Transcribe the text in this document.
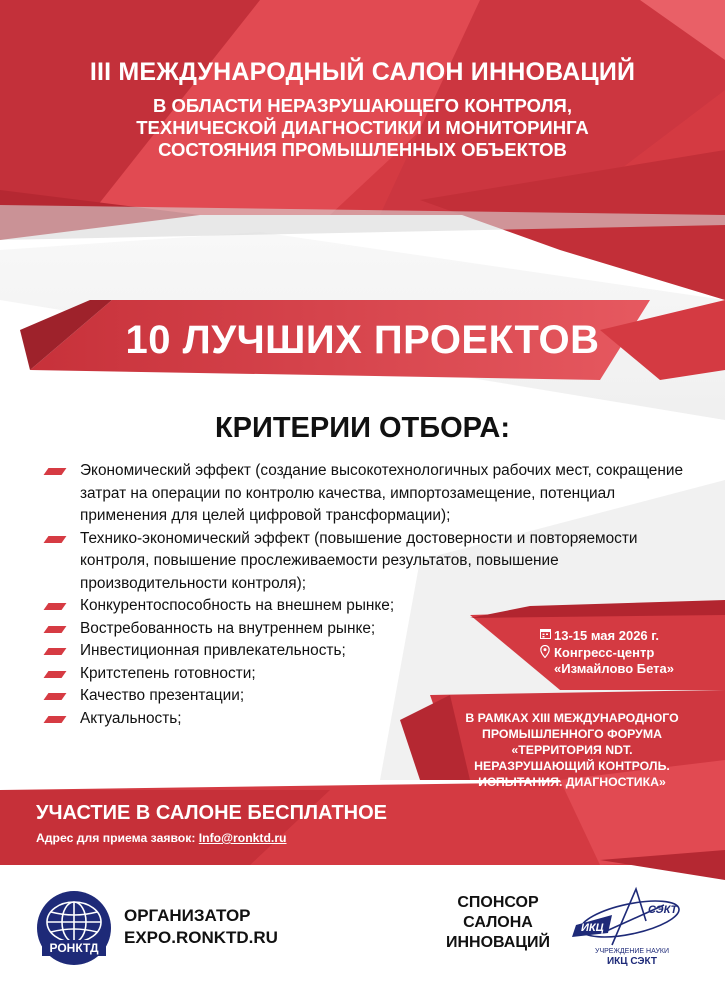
III МЕЖДУНАРОДНЫЙ САЛОН ИННОВАЦИЙ
В ОБЛАСТИ НЕРАЗРУШАЮЩЕГО КОНТРОЛЯ,
ТЕХНИЧЕСКОЙ ДИАГНОСТИКИ И МОНИТОРИНГА
СОСТОЯНИЯ ПРОМЫШЛЕННЫХ ОБЪЕКТОВ
10 ЛУЧШИХ ПРОЕКТОВ
КРИТЕРИИ ОТБОРА:
Экономический эффект (создание высокотехнологичных рабочих мест, сокращение затрат на операции по контролю качества, импортозамещение, потенциал применения для целей цифровой трансформации);
Технико-экономический эффект (повышение достоверности и повторяемости контроля, повышение прослеживаемости результатов, повышение производительности контроля);
Конкурентоспособность на внешнем рынке;
Востребованность на внутреннем рынке;
Инвестиционная привлекательность;
Критстепень готовности;
Качество презентации;
Актуальность;
13-15 мая 2026 г.
Конгресс-центр
«Измайлово Бета»
В РАМКАХ XIII МЕЖДУНАРОДНОГО
ПРОМЫШЛЕННОГО ФОРУМА «ТЕРРИТОРИЯ NDT.
НЕРАЗРУШАЮЩИЙ КОНТРОЛЬ.
ИСПЫТАНИЯ. ДИАГНОСТИКА»
УЧАСТИЕ В САЛОНЕ БЕСПЛАТНОЕ
Адрес для приема заявок: Info@ronktd.ru
РОНКТД
ОРГАНИЗАТОР
EXPO.RONKTD.RU
СПОНСОР
САЛОНА
ИННОВАЦИЙ
ИКЦ
СЭКТ
УЧРЕЖДЕНИЕ НАУКИ
ИКЦ СЭКТ
